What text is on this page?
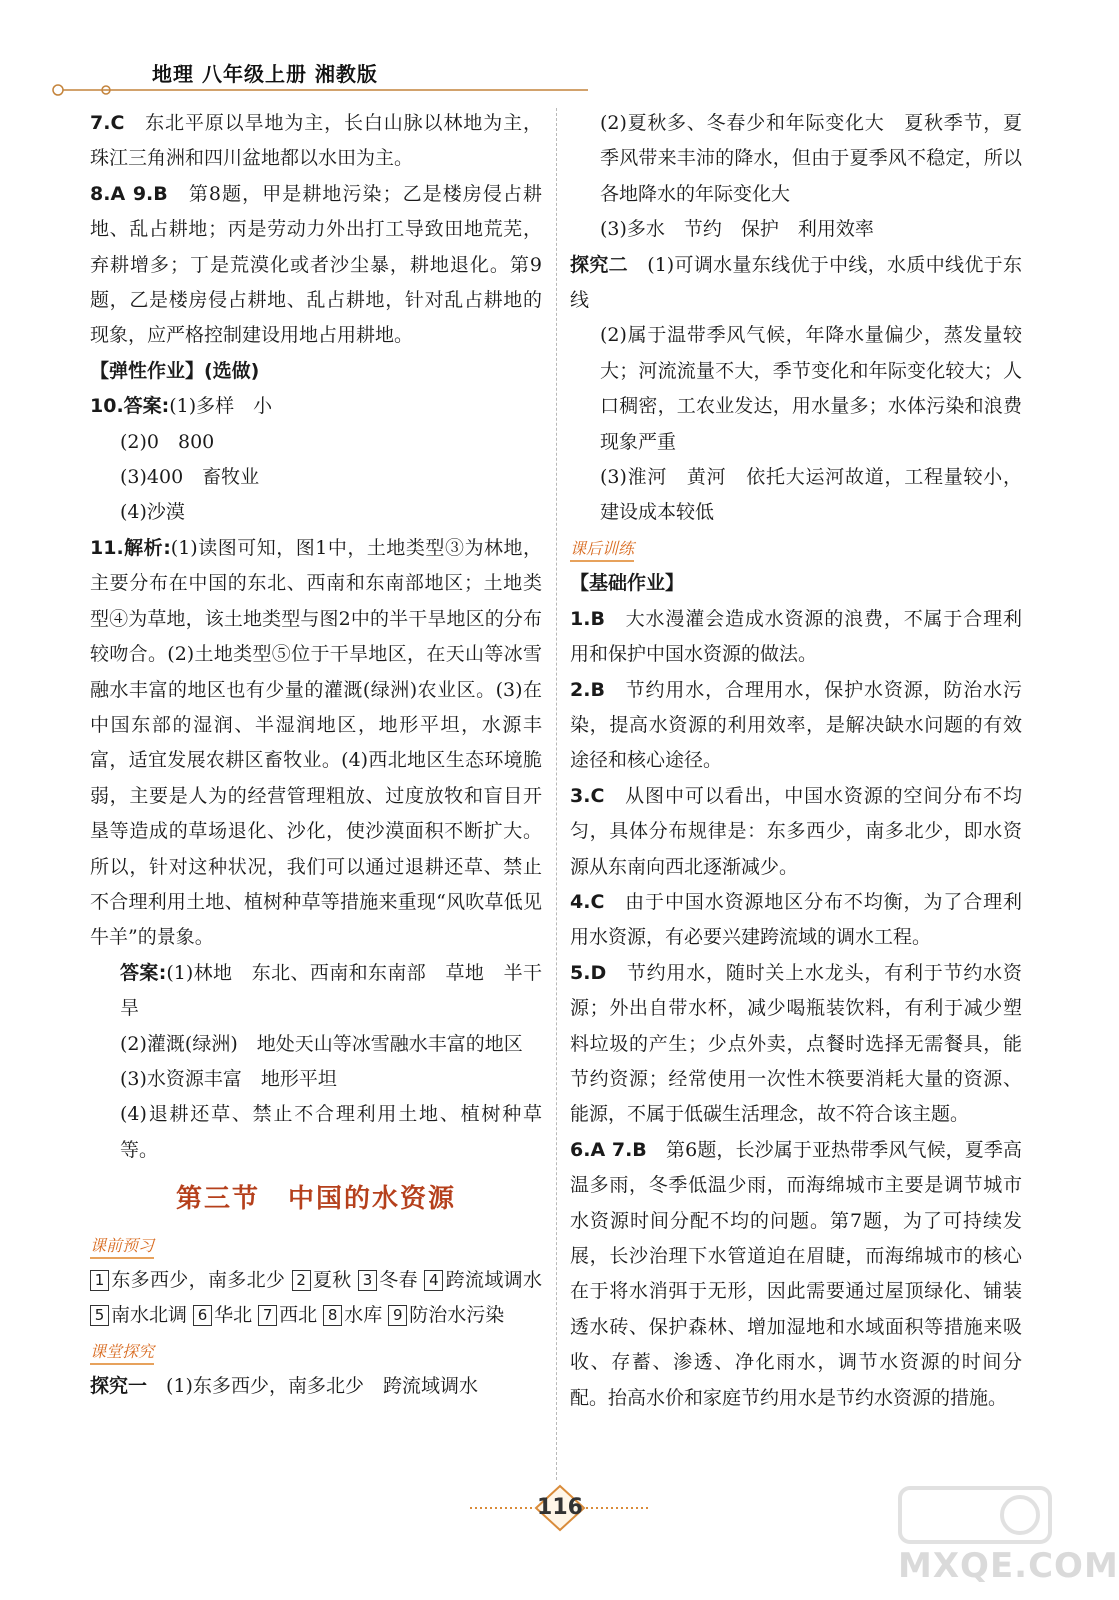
地理 八年级上册 湘教版

7.C　 东北平原以旱地为主，长白山脉以林地为主，珠江三角洲和四川盆地都以水田为主。

8.A 9.B　 第8题，甲是耕地污染；乙是楼房侵占耕地、乱占耕地；丙是劳动力外出打工导致田地荒芜，弃耕增多；丁是荒漠化或者沙尘暴，耕地退化。第9题，乙是楼房侵占耕地、乱占耕地，针对乱占耕地的现象，应严格控制建设用地占用耕地。

【弹性作业】(选做)

10.答案:(1)多样　小

(2)0　800

(3)400　畜牧业

(4)沙漠

11.解析:(1)读图可知，图1中，土地类型③为林地，主要分布在中国的东北、西南和东南部地区；土地类型④为草地，该土地类型与图2中的半干旱地区的分布较吻合。(2)土地类型⑤位于干旱地区，在天山等冰雪融水丰富的地区也有少量的灌溉(绿洲)农业区。(3)在中国东部的湿润、半湿润地区，地形平坦，水源丰富，适宜发展农耕区畜牧业。(4)西北地区生态环境脆弱，主要是人为的经营管理粗放、过度放牧和盲目开垦等造成的草场退化、沙化，使沙漠面积不断扩大。所以，针对这种状况，我们可以通过退耕还草、禁止不合理利用土地、植树种草等措施来重现“风吹草低见牛羊”的景象。

答案:(1)林地　东北、西南和东南部　草地　半干旱

(2)灌溉(绿洲)　地处天山等冰雪融水丰富的地区

(3)水资源丰富　地形平坦

(4)退耕还草、禁止不合理利用土地、植树种草等。

第三节　中国的水资源
课前预习

1 东多西少，南多北少 2 夏秋 3 冬春 4 跨流域调水 5 南水北调 6 华北 7 西北 8 水库 9 防治水污染

课堂探究

探究一　 (1)东多西少，南多北少　跨流域调水

(2)夏秋多、冬春少和年际变化大　夏秋季节，夏季风带来丰沛的降水，但由于夏季风不稳定，所以各地降水的年际变化大

(3)多水　节约　保护　利用效率

探究二　 (1)可调水量东线优于中线，水质中线优于东线

(2)属于温带季风气候，年降水量偏少，蒸发量较大；河流流量不大，季节变化和年际变化较大；人口稠密，工农业发达，用水量多；水体污染和浪费现象严重

(3)淮河　黄河　依托大运河故道，工程量较小，建设成本较低

课后训练

【基础作业】

1.B　 大水漫灌会造成水资源的浪费，不属于合理利用和保护中国水资源的做法。

2.B　 节约用水，合理用水，保护水资源，防治水污染，提高水资源的利用效率，是解决缺水问题的有效途径和核心途径。

3.C　 从图中可以看出，中国水资源的空间分布不均匀，具体分布规律是：东多西少，南多北少，即水资源从东南向西北逐渐减少。

4.C　 由于中国水资源地区分布不均衡，为了合理利用水资源，有必要兴建跨流域的调水工程。

5.D　 节约用水，随时关上水龙头，有利于节约水资源；外出自带水杯，减少喝瓶装饮料，有利于减少塑料垃圾的产生；少点外卖，点餐时选择无需餐具，能节约资源；经常使用一次性木筷要消耗大量的资源、能源，不属于低碳生活理念，故不符合该主题。

6.A 7.B　 第6题，长沙属于亚热带季风气候，夏季高温多雨，冬季低温少雨，而海绵城市主要是调节城市水资源时间分配不均的问题。第7题，为了可持续发展，长沙治理下水管道迫在眉睫，而海绵城市的核心在于将水消弭于无形，因此需要通过屋顶绿化、铺装透水砖、保护森林、增加湿地和水域面积等措施来吸收、存蓄、渗透、净化雨水，调节水资源的时间分配。抬高水价和家庭节约用水是节约水资源的措施。

116
MXQE.COM
